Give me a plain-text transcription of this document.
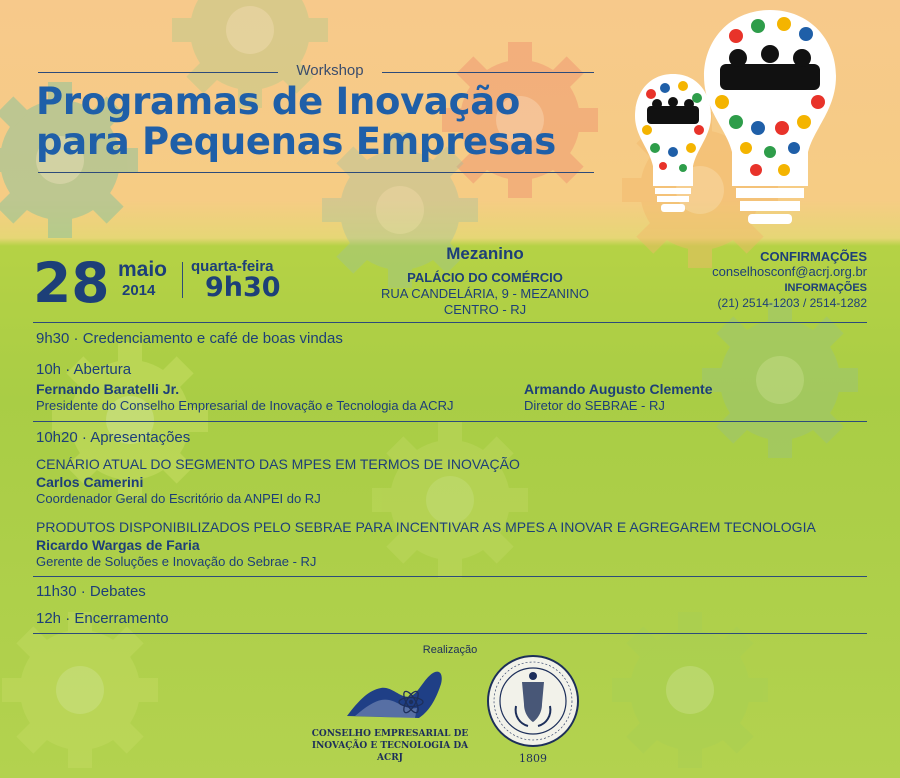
Workshop
Programas de Inovação
para Pequenas Empresas
28 maio
2014
quarta-feira
9h30
Mezanino
PALÁCIO DO COMÉRCIO
RUA CANDELÁRIA, 9 - MEZANINO
CENTRO - RJ
CONFIRMAÇÕES
conselhosconf@acrj.org.br
INFORMAÇÕES
(21) 2514-1203 / 2514-1282
9h30 · Credenciamento e café de boas vindas
10h · Abertura
Fernando Baratelli Jr.
Presidente do Conselho Empresarial de Inovação e Tecnologia da ACRJ
Armando Augusto Clemente
Diretor do SEBRAE - RJ
10h20 · Apresentações
CENÁRIO ATUAL DO SEGMENTO DAS MPES EM TERMOS DE INOVAÇÃO
Carlos Camerini
Coordenador Geral do Escritório da ANPEI do RJ
PRODUTOS DISPONIBILIZADOS PELO SEBRAE PARA INCENTIVAR AS MPES A INOVAR E AGREGAREM TECNOLOGIA
Ricardo Wargas de Faria
Gerente de Soluções e Inovação do Sebrae - RJ
11h30 · Debates
12h · Encerramento
Realização
CONSELHO EMPRESARIAL DE
INOVAÇÃO E TECNOLOGIA DA ACRJ	1809
